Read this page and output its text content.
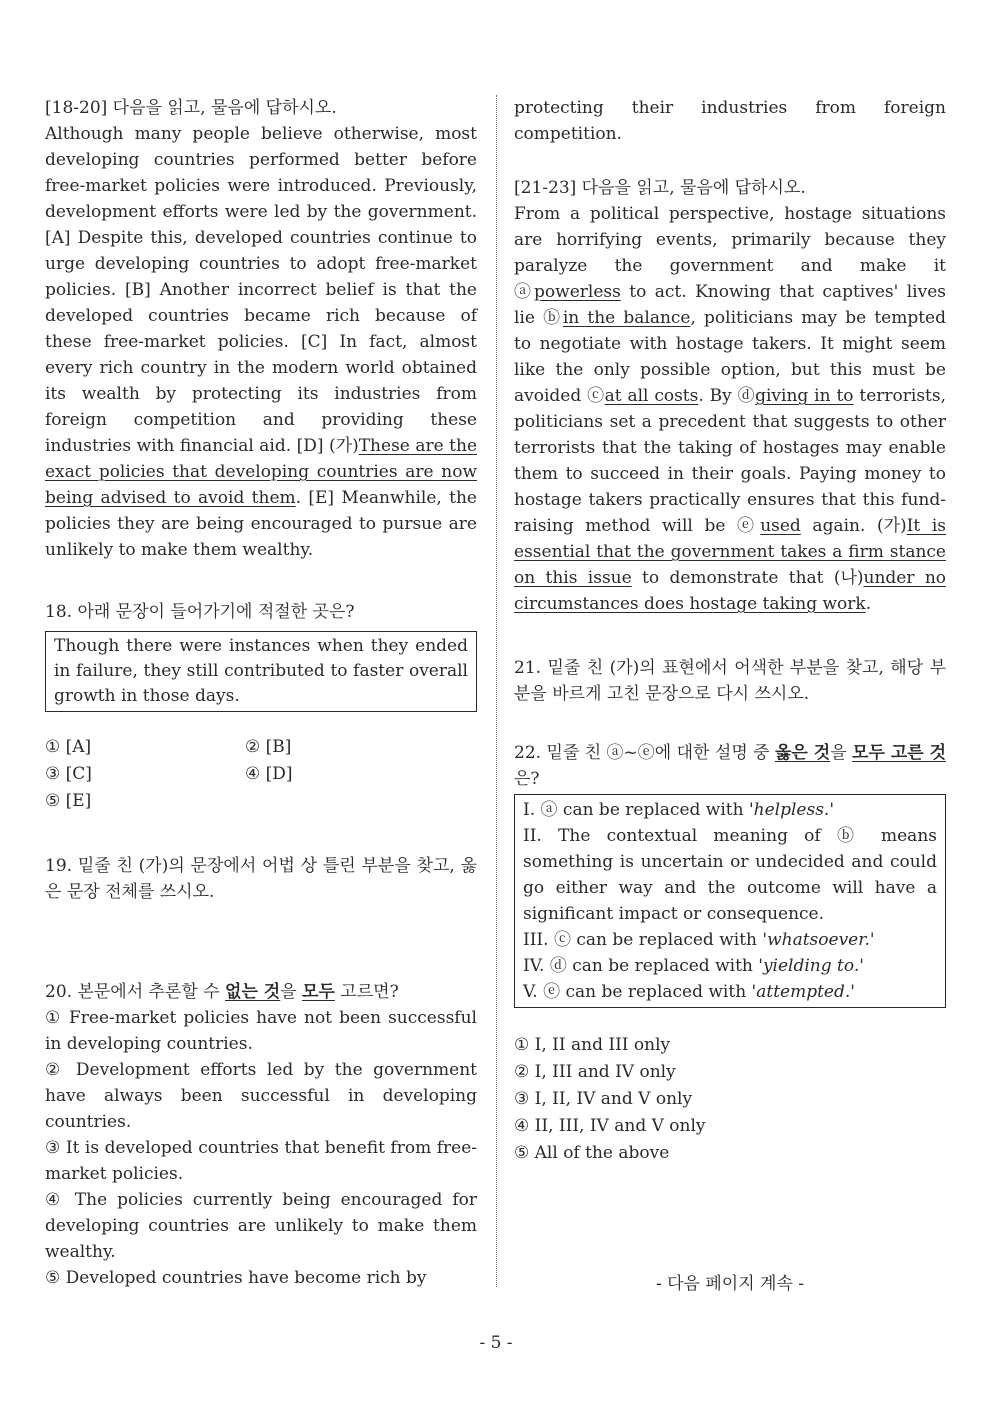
[18-20] 다음을 읽고, 물음에 답하시오.

Although many people believe otherwise, most developing countries performed better before free-market policies were introduced. Previously, development efforts were led by the government. [A] Despite this, developed countries continue to urge developing countries to adopt free-market policies. [B] Another incorrect belief is that the developed countries became rich because of these free-market policies. [C] In fact, almost every rich country in the modern world obtained its wealth by protecting its industries from foreign competition and providing these industries with financial aid. [D] (가)These are the exact policies that developing countries are now being advised to avoid them. [E] Meanwhile, the policies they are being encouraged to pursue are unlikely to make them wealthy.

18. 아래 문장이 들어가기에 적절한 곳은?

Though there were instances when they ended in failure, they still contributed to faster overall growth in those days.

① [A]	② [B]

③ [C]	④ [D]

⑤ [E]

19. 밑줄 친 (가)의 문장에서 어법 상 틀린 부분을 찾고, 옳은 문장 전체를 쓰시오.

20. 본문에서 추론할 수 없는 것을 모두 고르면?

① Free-market policies have not been successful in developing countries.

② Development efforts led by the government have always been successful in developing countries.

③ It is developed countries that benefit from free-market policies.

④ The policies currently being encouraged for developing countries are unlikely to make them wealthy.

⑤ Developed countries have become rich by

protecting their industries from foreign competition.

[21-23] 다음을 읽고, 물음에 답하시오.

From a political perspective, hostage situations are horrifying events, primarily because they paralyze the government and make it ⓐpowerless to act. Knowing that captives' lives lie ⓑin the balance, politicians may be tempted to negotiate with hostage takers. It might seem like the only possible option, but this must be avoided ⓒat all costs. By ⓓgiving in to terrorists, politicians set a precedent that suggests to other terrorists that the taking of hostages may enable them to succeed in their goals. Paying money to hostage takers practically ensures that this fund-raising method will be ⓔused again. (가)It is essential that the government takes a firm stance on this issue to demonstrate that (나)under no circumstances does hostage taking work.

21. 밑줄 친 (가)의 표현에서 어색한 부분을 찾고, 해당 부분을 바르게 고친 문장으로 다시 쓰시오.

22. 밑줄 친 ⓐ~ⓔ에 대한 설명 중 옳은 것을 모두 고른 것은?

I. ⓐ can be replaced with 'helpless.'

II. The contextual meaning of ⓑ means something is uncertain or undecided and could go either way and the outcome will have a significant impact or consequence.

III. ⓒ can be replaced with 'whatsoever.'

IV. ⓓ can be replaced with 'yielding to.'

V. ⓔ can be replaced with 'attempted.'

① I, II and III only

② I, III and IV only

③ I, II, IV and V only

④ II, III, IV and V only

⑤ All of the above

- 다음 페이지 계속 -

- 5 -
